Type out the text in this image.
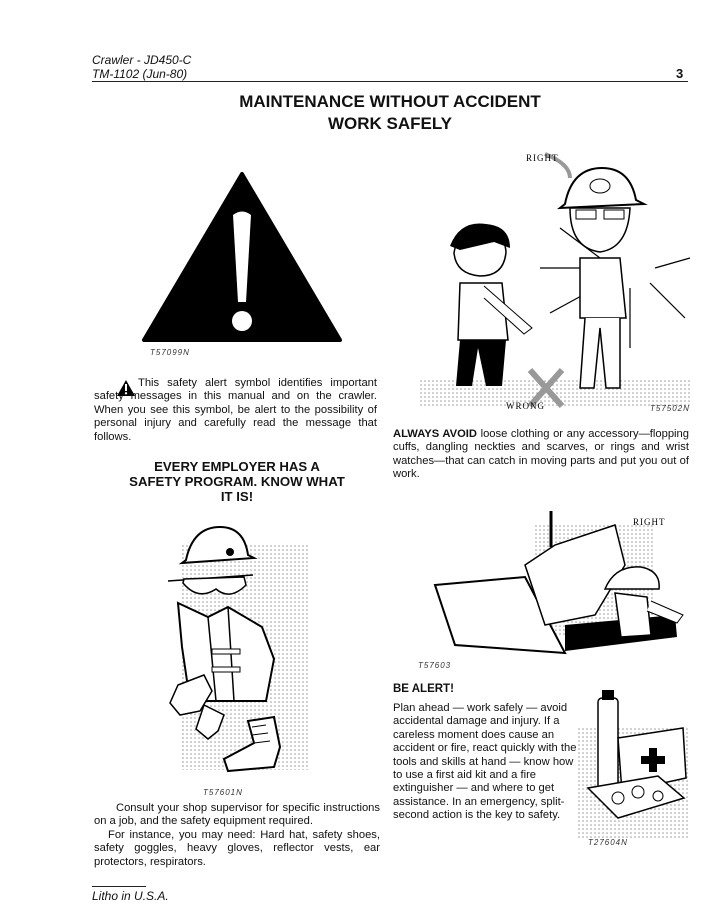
Crawler - JD450-C
TM-1102 (Jun-80)	3
MAINTENANCE WITHOUT ACCIDENT
WORK SAFELY
T57099N
This safety alert symbol identifies important safety messages in this manual and on the crawler. When you see this symbol, be alert to the possibility of personal injury and carefully read the message that follows.
EVERY EMPLOYER HAS A SAFETY PROGRAM. KNOW WHAT IT IS!
T57601N
Consult your shop supervisor for specific instructions on a job, and the safety equipment required.
For instance, you may need: Hard hat, safety shoes, safety goggles, heavy gloves, reflector vests, ear protectors, respirators.
RIGHT
WRONG	T57502N
ALWAYS AVOID loose clothing or any accessory—flopping cuffs, dangling neckties and scarves, or rings and wrist watches—that can catch in moving parts and put you out of work.
RIGHT
T57603
BE ALERT!
Plan ahead — work safely — avoid accidental damage and injury. If a careless moment does cause an accident or fire, react quickly with the tools and skills at hand — know how to use a first aid kit and a fire extinguisher — and where to get assistance. In an emergency, split-second action is the key to safety.
T27604N
Litho in U.S.A.
